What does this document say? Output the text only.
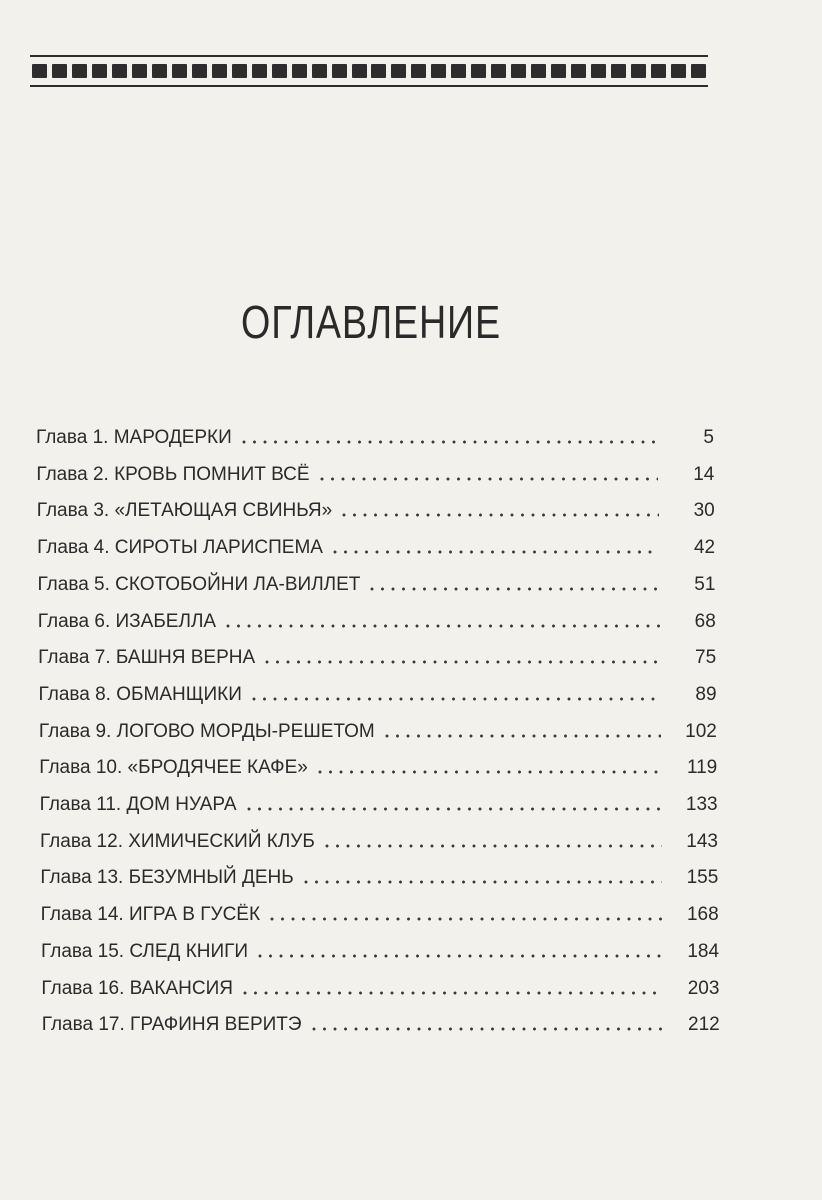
ОГЛАВЛЕНИЕ
Глава 1. МАРОДЕРКИ	5
Глава 2. КРОВЬ ПОМНИТ ВСЁ	14
Глава 3. «ЛЕТАЮЩАЯ СВИНЬЯ»	30
Глава 4. СИРОТЫ ЛАРИСПЕМА	42
Глава 5. СКОТОБОЙНИ ЛА-ВИЛЛЕТ	51
Глава 6. ИЗАБЕЛЛА	68
Глава 7. БАШНЯ ВЕРНА	75
Глава 8. ОБМАНЩИКИ	89
Глава 9. ЛОГОВО МОРДЫ-РЕШЕТОМ	102
Глава 10. «БРОДЯЧЕЕ КАФЕ»	119
Глава 11. ДОМ НУАРА	133
Глава 12. ХИМИЧЕСКИЙ КЛУБ	143
Глава 13. БЕЗУМНЫЙ ДЕНЬ	155
Глава 14. ИГРА В ГУСЁК	168
Глава 15. СЛЕД КНИГИ	184
Глава 16. ВАКАНСИЯ	203
Глава 17. ГРАФИНЯ ВЕРИТЭ	212
